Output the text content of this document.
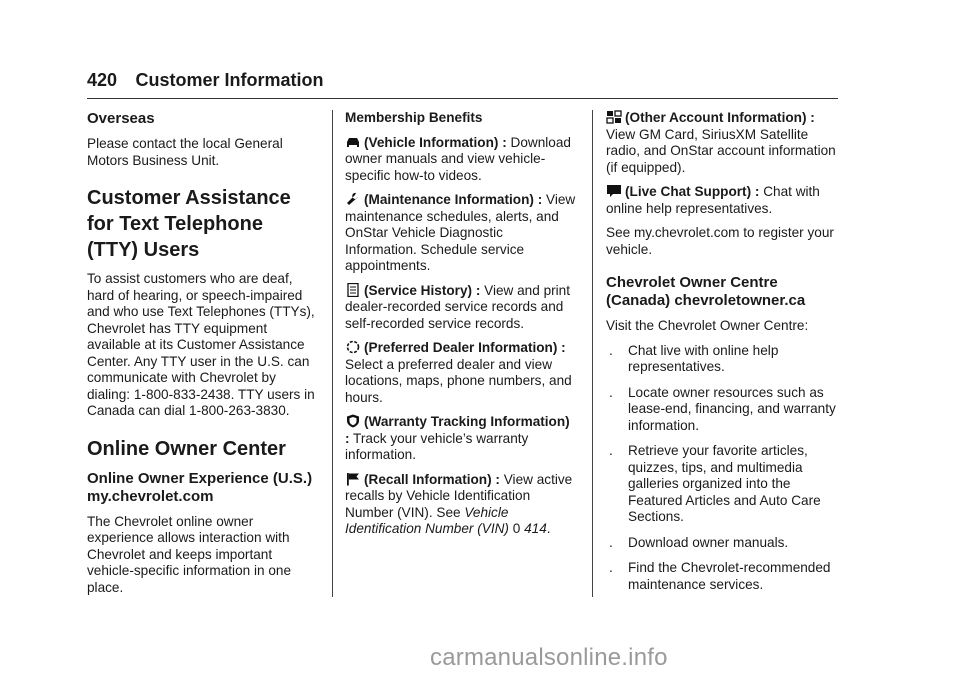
420 Customer Information
Overseas

Please contact the local General Motors Business Unit.

Customer Assistance for Text Telephone (TTY) Users

To assist customers who are deaf, hard of hearing, or speech-impaired and who use Text Telephones (TTYs), Chevrolet has TTY equipment available at its Customer Assistance Center. Any TTY user in the U.S. can communicate with Chevrolet by dialing: 1-800-833-2438. TTY users in Canada can dial 1-800-263-3830.

Online Owner Center
Online Owner Experience (U.S.) my.chevrolet.com

The Chevrolet online owner experience allows interaction with Chevrolet and keeps important vehicle-specific information in one place.

Membership Benefits

(Vehicle Information) : Download owner manuals and view vehicle-specific how-to videos.

(Maintenance Information) : View maintenance schedules, alerts, and OnStar Vehicle Diagnostic Information. Schedule service appointments.

(Service History) : View and print dealer-recorded service records and self-recorded service records.

(Preferred Dealer Information) : Select a preferred dealer and view locations, maps, phone numbers, and hours.

(Warranty Tracking Information) : Track your vehicle’s warranty information.

(Recall Information) : View active recalls by Vehicle Identification Number (VIN). See Vehicle Identification Number (VIN) 0 414.

(Other Account Information) : View GM Card, SiriusXM Satellite radio, and OnStar account information (if equipped).

(Live Chat Support) : Chat with online help representatives.

See my.chevrolet.com to register your vehicle.

Chevrolet Owner Centre (Canada) chevroletowner.ca

Visit the Chevrolet Owner Centre:

. Chat live with online help representatives.

. Locate owner resources such as lease-end, financing, and warranty information.

. Retrieve your favorite articles, quizzes, tips, and multimedia galleries organized into the Featured Articles and Auto Care Sections.

. Download owner manuals.

. Find the Chevrolet-recommended maintenance services.

carmanualsonline.info
